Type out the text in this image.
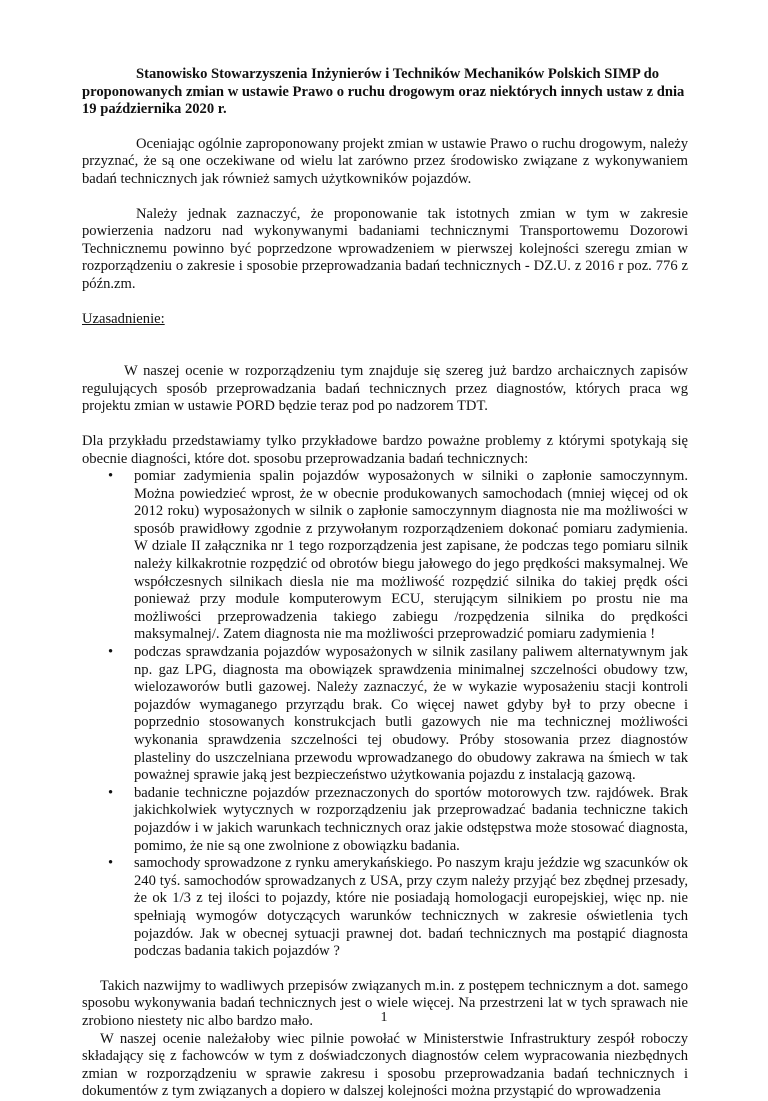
Stanowisko Stowarzyszenia Inżynierów i Techników Mechaników Polskich SIMP do
proponowanych zmian w ustawie Prawo o ruchu drogowym oraz niektórych innych ustaw z dnia
19 października 2020 r.

Oceniając ogólnie zaproponowany projekt zmian w ustawie Prawo o ruchu drogowym, należy przyznać, że są one oczekiwane od wielu lat zarówno przez środowisko związane z wykonywaniem badań technicznych jak również samych użytkowników pojazdów.

Należy jednak zaznaczyć, że proponowanie tak istotnych zmian w tym w zakresie powierzenia nadzoru nad wykonywanymi badaniami technicznymi Transportowemu Dozorowi Technicznemu powinno być poprzedzone wprowadzeniem w pierwszej kolejności szeregu zmian w rozporządzeniu o zakresie i sposobie przeprowadzania badań technicznych - DZ.U. z 2016 r poz. 776 z późn.zm.

Uzasadnienie:

W naszej ocenie w rozporządzeniu tym znajduje się szereg już bardzo archaicznych zapisów regulujących sposób przeprowadzania badań technicznych przez diagnostów, których praca wg projektu zmian w ustawie PORD będzie teraz pod po nadzorem TDT.

Dla przykładu przedstawiamy tylko przykładowe bardzo poważne problemy z którymi spotykają się obecnie diagności, które dot. sposobu przeprowadzania badań technicznych:

• pomiar zadymienia spalin pojazdów wyposażonych w silniki o zapłonie samoczynnym. Można powiedzieć wprost, że w obecnie produkowanych samochodach (mniej więcej od ok 2012 roku) wyposażonych w silnik o zapłonie samoczynnym diagnosta nie ma możliwości w sposób prawidłowy zgodnie z przywołanym rozporządzeniem dokonać pomiaru zadymienia. W dziale II załącznika nr 1 tego rozporządzenia jest zapisane, że podczas tego pomiaru silnik należy kilkakrotnie rozpędzić od obrotów biegu jałowego do jego prędkości maksymalnej. We współczesnych silnikach diesla nie ma możliwość rozpędzić silnika do takiej prędk ości ponieważ przy module komputerowym ECU, sterującym silnikiem po prostu nie ma możliwości przeprowadzenia takiego zabiegu /rozpędzenia silnika do prędkości maksymalnej/. Zatem diagnosta nie ma możliwości przeprowadzić pomiaru zadymienia !
• podczas sprawdzania pojazdów wyposażonych w silnik zasilany paliwem alternatywnym jak np. gaz LPG, diagnosta ma obowiązek sprawdzenia minimalnej szczelności obudowy tzw, wielozaworów butli gazowej. Należy zaznaczyć, że w wykazie wyposażeniu stacji kontroli pojazdów wymaganego przyrządu brak. Co więcej nawet gdyby był to przy obecne i poprzednio stosowanych konstrukcjach butli gazowych nie ma technicznej możliwości wykonania sprawdzenia szczelności tej obudowy. Próby stosowania przez diagnostów plasteliny do uszczelniana przewodu wprowadzanego do obudowy zakrawa na śmiech w tak poważnej sprawie jaką jest bezpieczeństwo użytkowania pojazdu z instalacją gazową.
• badanie techniczne pojazdów przeznaczonych do sportów motorowych tzw. rajdówek. Brak jakichkolwiek wytycznych w rozporządzeniu jak przeprowadzać badania techniczne takich pojazdów i w jakich warunkach technicznych oraz jakie odstępstwa może stosować diagnosta, pomimo, że nie są one zwolnione z obowiązku badania.
• samochody sprowadzone z rynku amerykańskiego. Po naszym kraju jeździe wg szacunków ok 240 tyś. samochodów sprowadzanych z USA, przy czym należy przyjąć bez zbędnej przesady, że ok 1/3 z tej ilości to pojazdy, które nie posiadają homologacji europejskiej, więc np. nie spełniają wymogów dotyczących warunków technicznych w zakresie oświetlenia tych pojazdów. Jak w obecnej sytuacji prawnej dot. badań technicznych ma postąpić diagnosta podczas badania takich pojazdów ?

Takich nazwijmy to wadliwych przepisów związanych m.in. z postępem technicznym a dot. samego sposobu wykonywania badań technicznych jest o wiele więcej. Na przestrzeni lat w tych sprawach nie zrobiono niestety nic albo bardzo mało.

W naszej ocenie należałoby wiec pilnie powołać w Ministerstwie Infrastruktury zespół roboczy składający się z fachowców w tym z doświadczonych diagnostów celem wypracowania niezbędnych zmian w rozporządzeniu w sprawie zakresu i sposobu przeprowadzania badań technicznych i dokumentów z tym związanych a dopiero w dalszej kolejności można przystąpić do wprowadzenia

1
